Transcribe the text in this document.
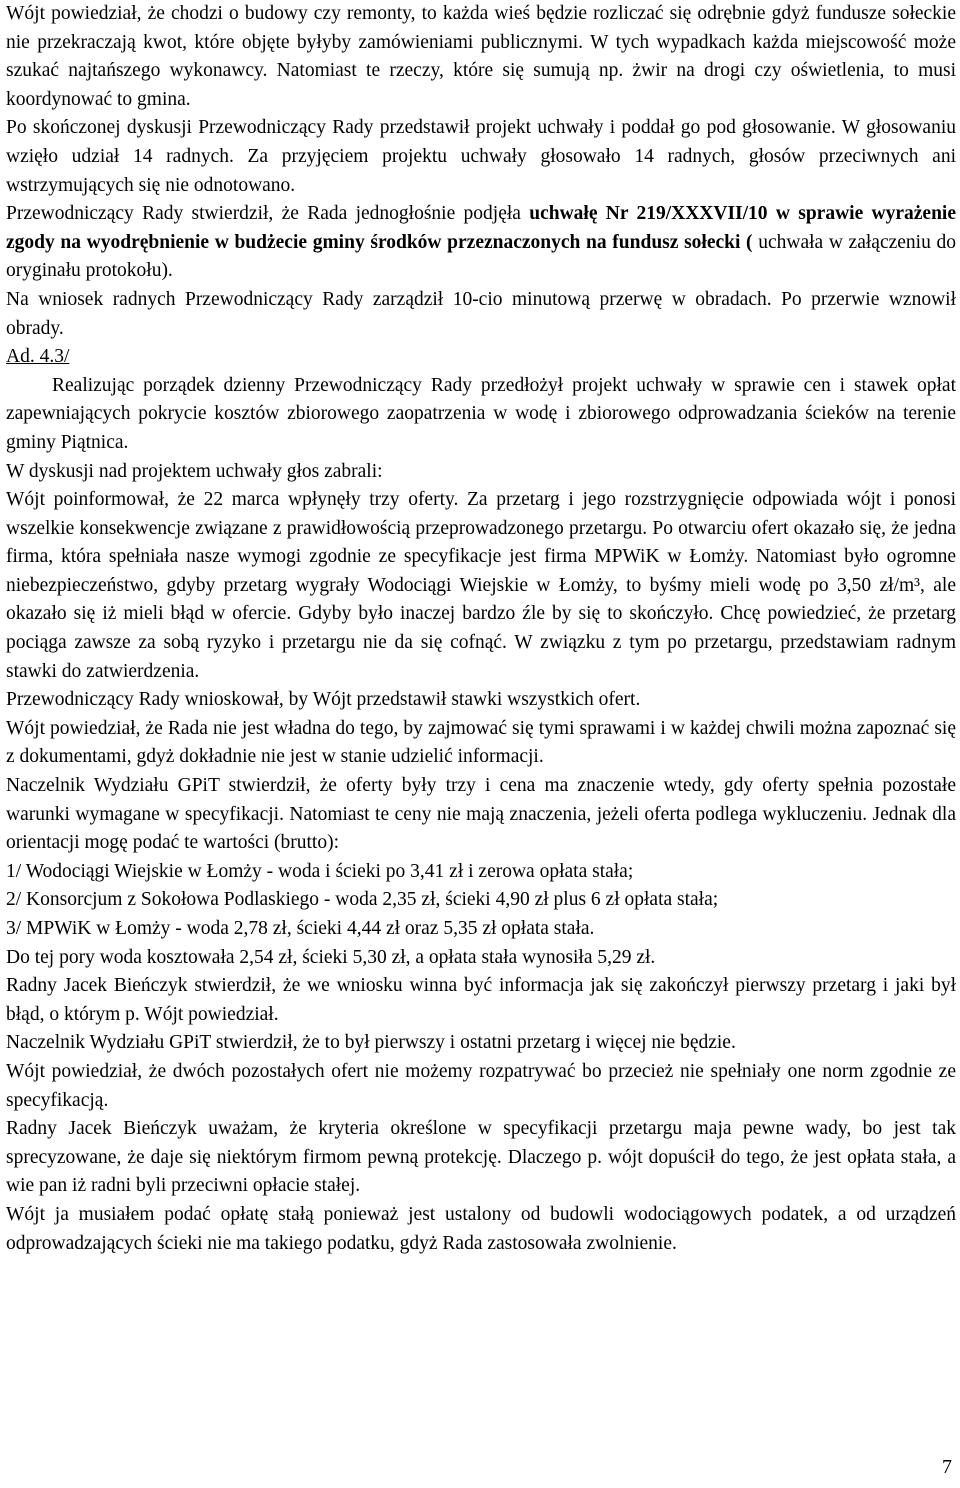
Wójt powiedział, że chodzi o budowy czy remonty, to każda wieś będzie rozliczać się odrębnie gdyż fundusze sołeckie nie przekraczają kwot, które objęte byłyby zamówieniami publicznymi. W tych wypadkach każda miejscowość może szukać najtańszego wykonawcy. Natomiast te rzeczy, które się sumują np. żwir na drogi czy oświetlenia, to musi koordynować to gmina.

Po skończonej dyskusji Przewodniczący Rady przedstawił projekt uchwały i poddał go pod głosowanie. W głosowaniu wzięło udział 14 radnych. Za przyjęciem projektu uchwały głosowało 14 radnych, głosów przeciwnych ani wstrzymujących się nie odnotowano.

Przewodniczący Rady stwierdził, że Rada jednogłośnie podjęła uchwałę Nr 219/XXXVII/10 w sprawie wyrażenie zgody na wyodrębnienie w budżecie gminy środków przeznaczonych na fundusz sołecki ( uchwała w załączeniu do oryginału protokołu).

Na wniosek radnych Przewodniczący Rady zarządził 10-cio minutową przerwę w obradach. Po przerwie wznowił obrady.

Ad. 4.3/

Realizując porządek dzienny Przewodniczący Rady przedłożył projekt uchwały w sprawie cen i stawek opłat zapewniających pokrycie kosztów zbiorowego zaopatrzenia w wodę i zbiorowego odprowadzania ścieków na terenie gminy Piątnica.

W dyskusji nad projektem uchwały głos zabrali:

Wójt poinformował, że 22 marca wpłynęły trzy oferty. Za przetarg i jego rozstrzygnięcie odpowiada wójt i ponosi wszelkie konsekwencje związane z prawidłowością przeprowadzonego przetargu. Po otwarciu ofert okazało się, że jedna firma, która spełniała nasze wymogi zgodnie ze specyfikacje jest firma MPWiK w Łomży. Natomiast było ogromne niebezpieczeństwo, gdyby przetarg wygrały Wodociągi Wiejskie w Łomży, to byśmy mieli wodę po 3,50 zł/m³, ale okazało się iż mieli błąd w ofercie. Gdyby było inaczej bardzo źle by się to skończyło. Chcę powiedzieć, że przetarg pociąga zawsze za sobą ryzyko i przetargu nie da się cofnąć. W związku z tym po przetargu, przedstawiam radnym stawki do zatwierdzenia.

Przewodniczący Rady wnioskował, by Wójt przedstawił stawki wszystkich ofert.

Wójt powiedział, że Rada nie jest władna do tego, by zajmować się tymi sprawami i w każdej chwili można zapoznać się z dokumentami, gdyż dokładnie nie jest w stanie udzielić informacji.

Naczelnik Wydziału GPiT stwierdził, że oferty były trzy i cena ma znaczenie wtedy, gdy oferty spełnia pozostałe warunki wymagane w specyfikacji. Natomiast te ceny nie mają znaczenia, jeżeli oferta podlega wykluczeniu. Jednak dla orientacji mogę podać te wartości (brutto):

1/ Wodociągi Wiejskie w Łomży - woda i ścieki po 3,41 zł i zerowa opłata stała;

2/ Konsorcjum z Sokołowa Podlaskiego - woda 2,35 zł, ścieki 4,90 zł plus 6 zł opłata stała;

3/ MPWiK w Łomży - woda 2,78 zł, ścieki 4,44 zł oraz 5,35 zł opłata stała.

Do tej pory woda kosztowała 2,54 zł, ścieki 5,30 zł, a opłata stała wynosiła 5,29 zł.

Radny Jacek Bieńczyk stwierdził, że we wniosku winna być informacja jak się zakończył pierwszy przetarg i jaki był błąd, o którym p. Wójt powiedział.

Naczelnik Wydziału GPiT stwierdził, że to był pierwszy i ostatni przetarg i więcej nie będzie.

Wójt powiedział, że dwóch pozostałych ofert nie możemy rozpatrywać bo przecież nie spełniały one norm zgodnie ze specyfikacją.

Radny Jacek Bieńczyk uważam, że kryteria określone w specyfikacji przetargu maja pewne wady, bo jest tak sprecyzowane, że daje się niektórym firmom pewną protekcję. Dlaczego p. wójt dopuścił do tego, że jest opłata stała, a wie pan iż radni byli przeciwni opłacie stałej.

Wójt ja musiałem podać opłatę stałą ponieważ jest ustalony od budowli wodociągowych podatek, a od urządzeń odprowadzających ścieki nie ma takiego podatku, gdyż Rada zastosowała zwolnienie.

7
